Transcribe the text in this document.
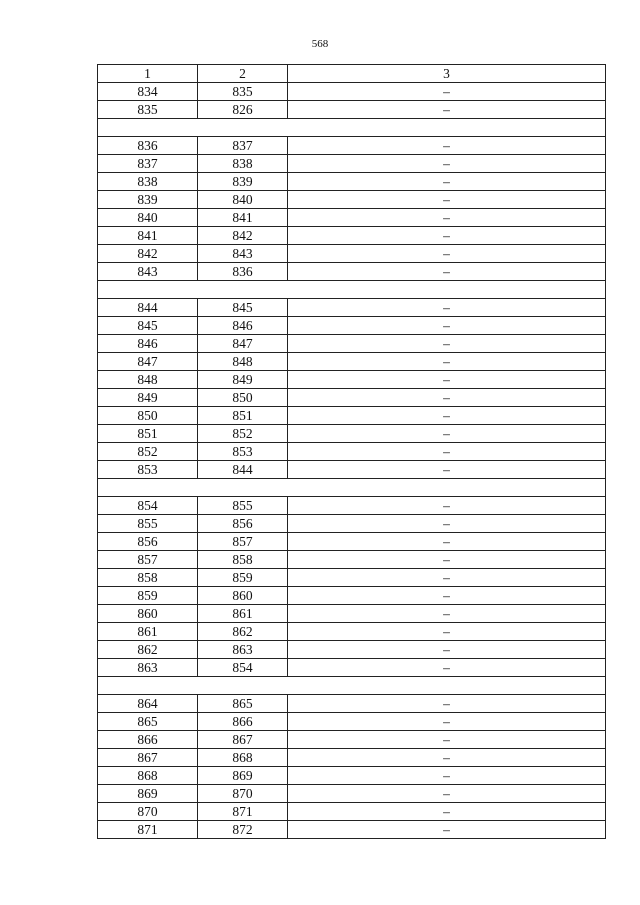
568
1	2	3
834	835	–
835	826	–

836	837	–
837	838	–
838	839	–
839	840	–
840	841	–
841	842	–
842	843	–
843	836	–

844	845	–
845	846	–
846	847	–
847	848	–
848	849	–
849	850	–
850	851	–
851	852	–
852	853	–
853	844	–

854	855	–
855	856	–
856	857	–
857	858	–
858	859	–
859	860	–
860	861	–
861	862	–
862	863	–
863	854	–

864	865	–
865	866	–
866	867	–
867	868	–
868	869	–
869	870	–
870	871	–
871	872	–
